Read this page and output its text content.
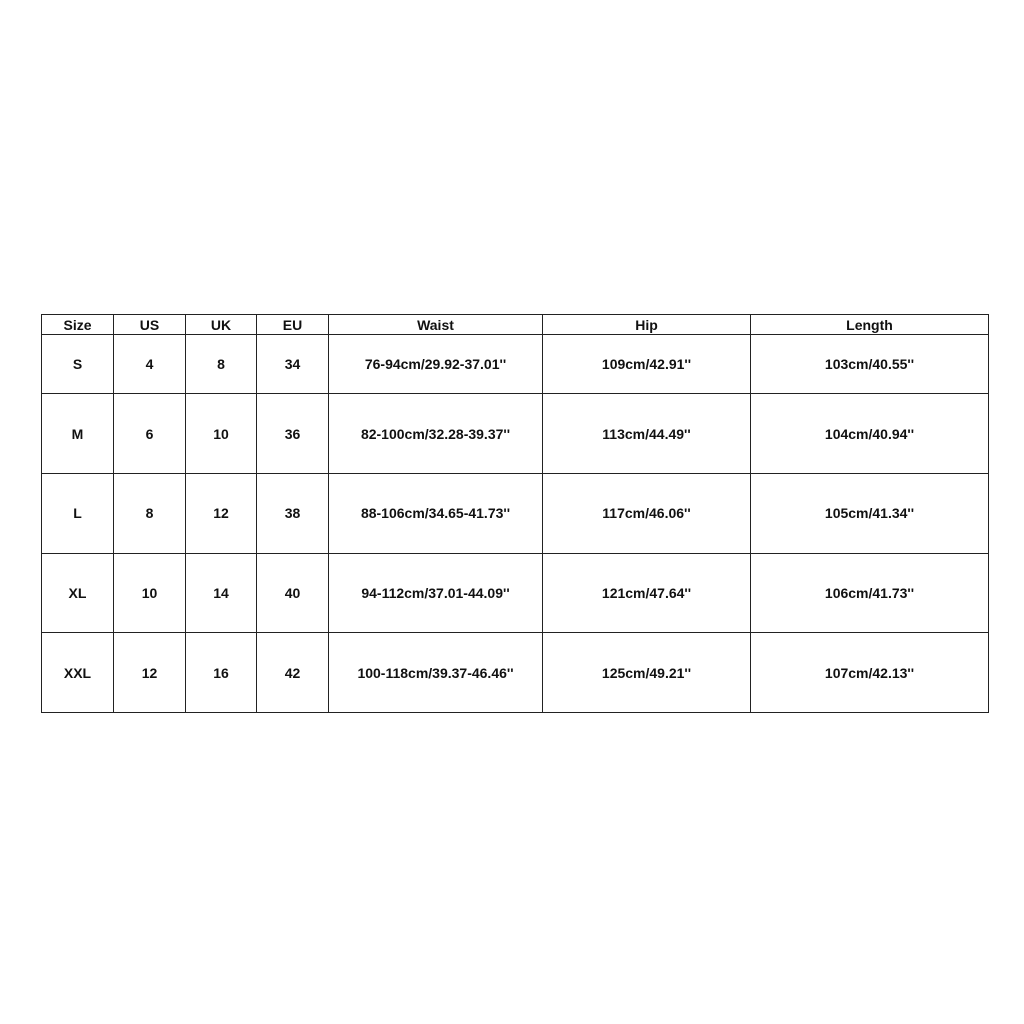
Size	US	UK	EU	Waist	Hip	Length
S	4	8	34	76-94cm/29.92-37.01''	109cm/42.91''	103cm/40.55''
M	6	10	36	82-100cm/32.28-39.37''	113cm/44.49''	104cm/40.94''
L	8	12	38	88-106cm/34.65-41.73''	117cm/46.06''	105cm/41.34''
XL	10	14	40	94-112cm/37.01-44.09''	121cm/47.64''	106cm/41.73''
XXL	12	16	42	100-118cm/39.37-46.46''	125cm/49.21''	107cm/42.13''
